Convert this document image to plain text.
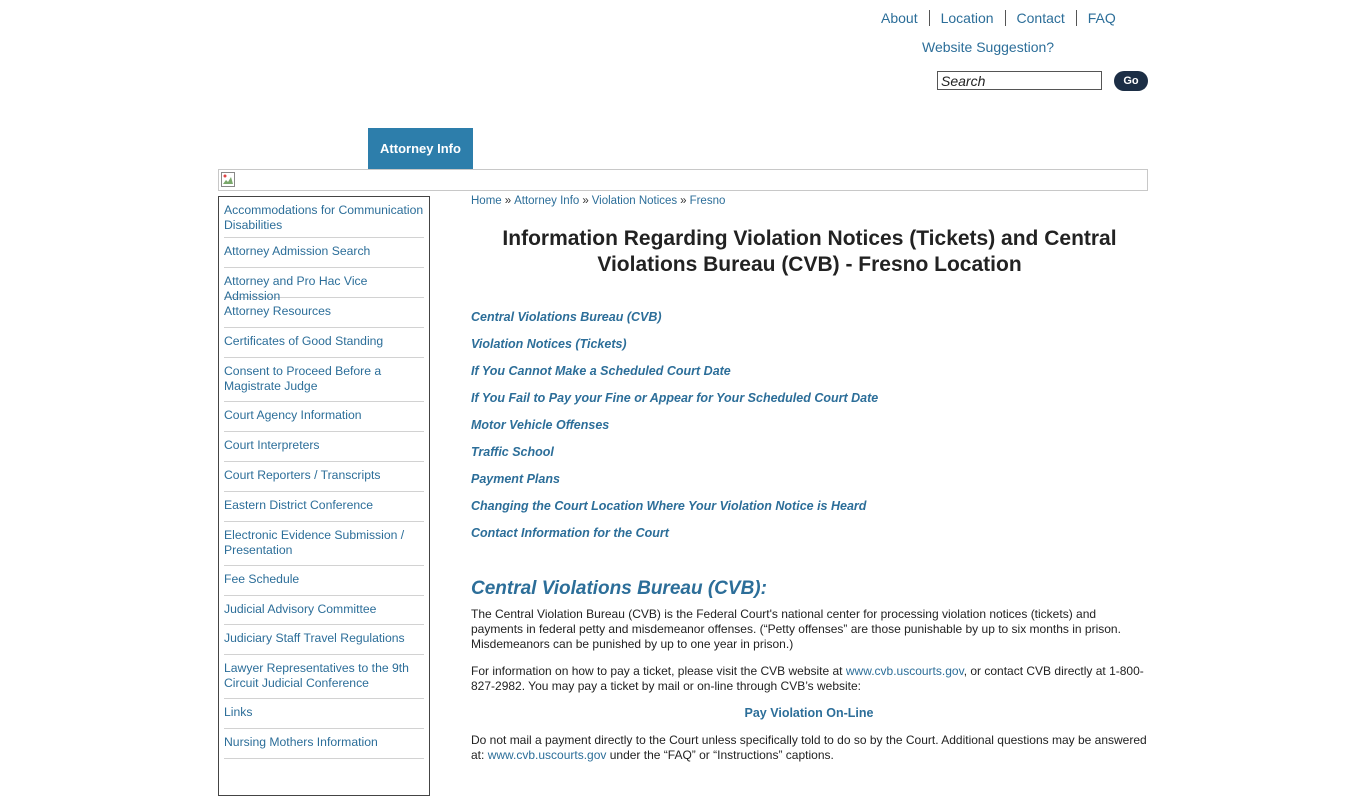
About	Location	Contact	FAQ
Website Suggestion?
Search
Go
Attorney Info
Accommodations for Communication
Disabilities
Attorney Admission Search
Attorney and Pro Hac Vice Admission
Attorney Resources
Certificates of Good Standing
Consent to Proceed Before a
Magistrate Judge
Court Agency Information
Court Interpreters
Court Reporters / Transcripts
Eastern District Conference
Electronic Evidence Submission /
Presentation
Fee Schedule
Judicial Advisory Committee
Judiciary Staff Travel Regulations
Lawyer Representatives to the 9th
Circuit Judicial Conference
Links
Nursing Mothers Information
Home » Attorney Info » Violation Notices » Fresno
Information Regarding Violation Notices (Tickets) and Central
Violations Bureau (CVB) - Fresno Location
Central Violations Bureau (CVB)
Violation Notices (Tickets)
If You Cannot Make a Scheduled Court Date
If You Fail to Pay your Fine or Appear for Your Scheduled Court Date
Motor Vehicle Offenses
Traffic School
Payment Plans
Changing the Court Location Where Your Violation Notice is Heard
Contact Information for the Court
Central Violations Bureau (CVB):

The Central Violation Bureau (CVB) is the Federal Court's national center for processing violation notices (tickets) and payments in federal petty and misdemeanor offenses. (“Petty offenses” are those punishable by up to six months in prison. Misdemeanors can be punished by up to one year in prison.)

For information on how to pay a ticket, please visit the CVB website at www.cvb.uscourts.gov, or contact CVB directly at 1-800-827-2982. You may pay a ticket by mail or on-line through CVB’s website:

Pay Violation On-Line

Do not mail a payment directly to the Court unless specifically told to do so by the Court. Additional questions may be answered at: www.cvb.uscourts.gov under the “FAQ” or “Instructions” captions.
